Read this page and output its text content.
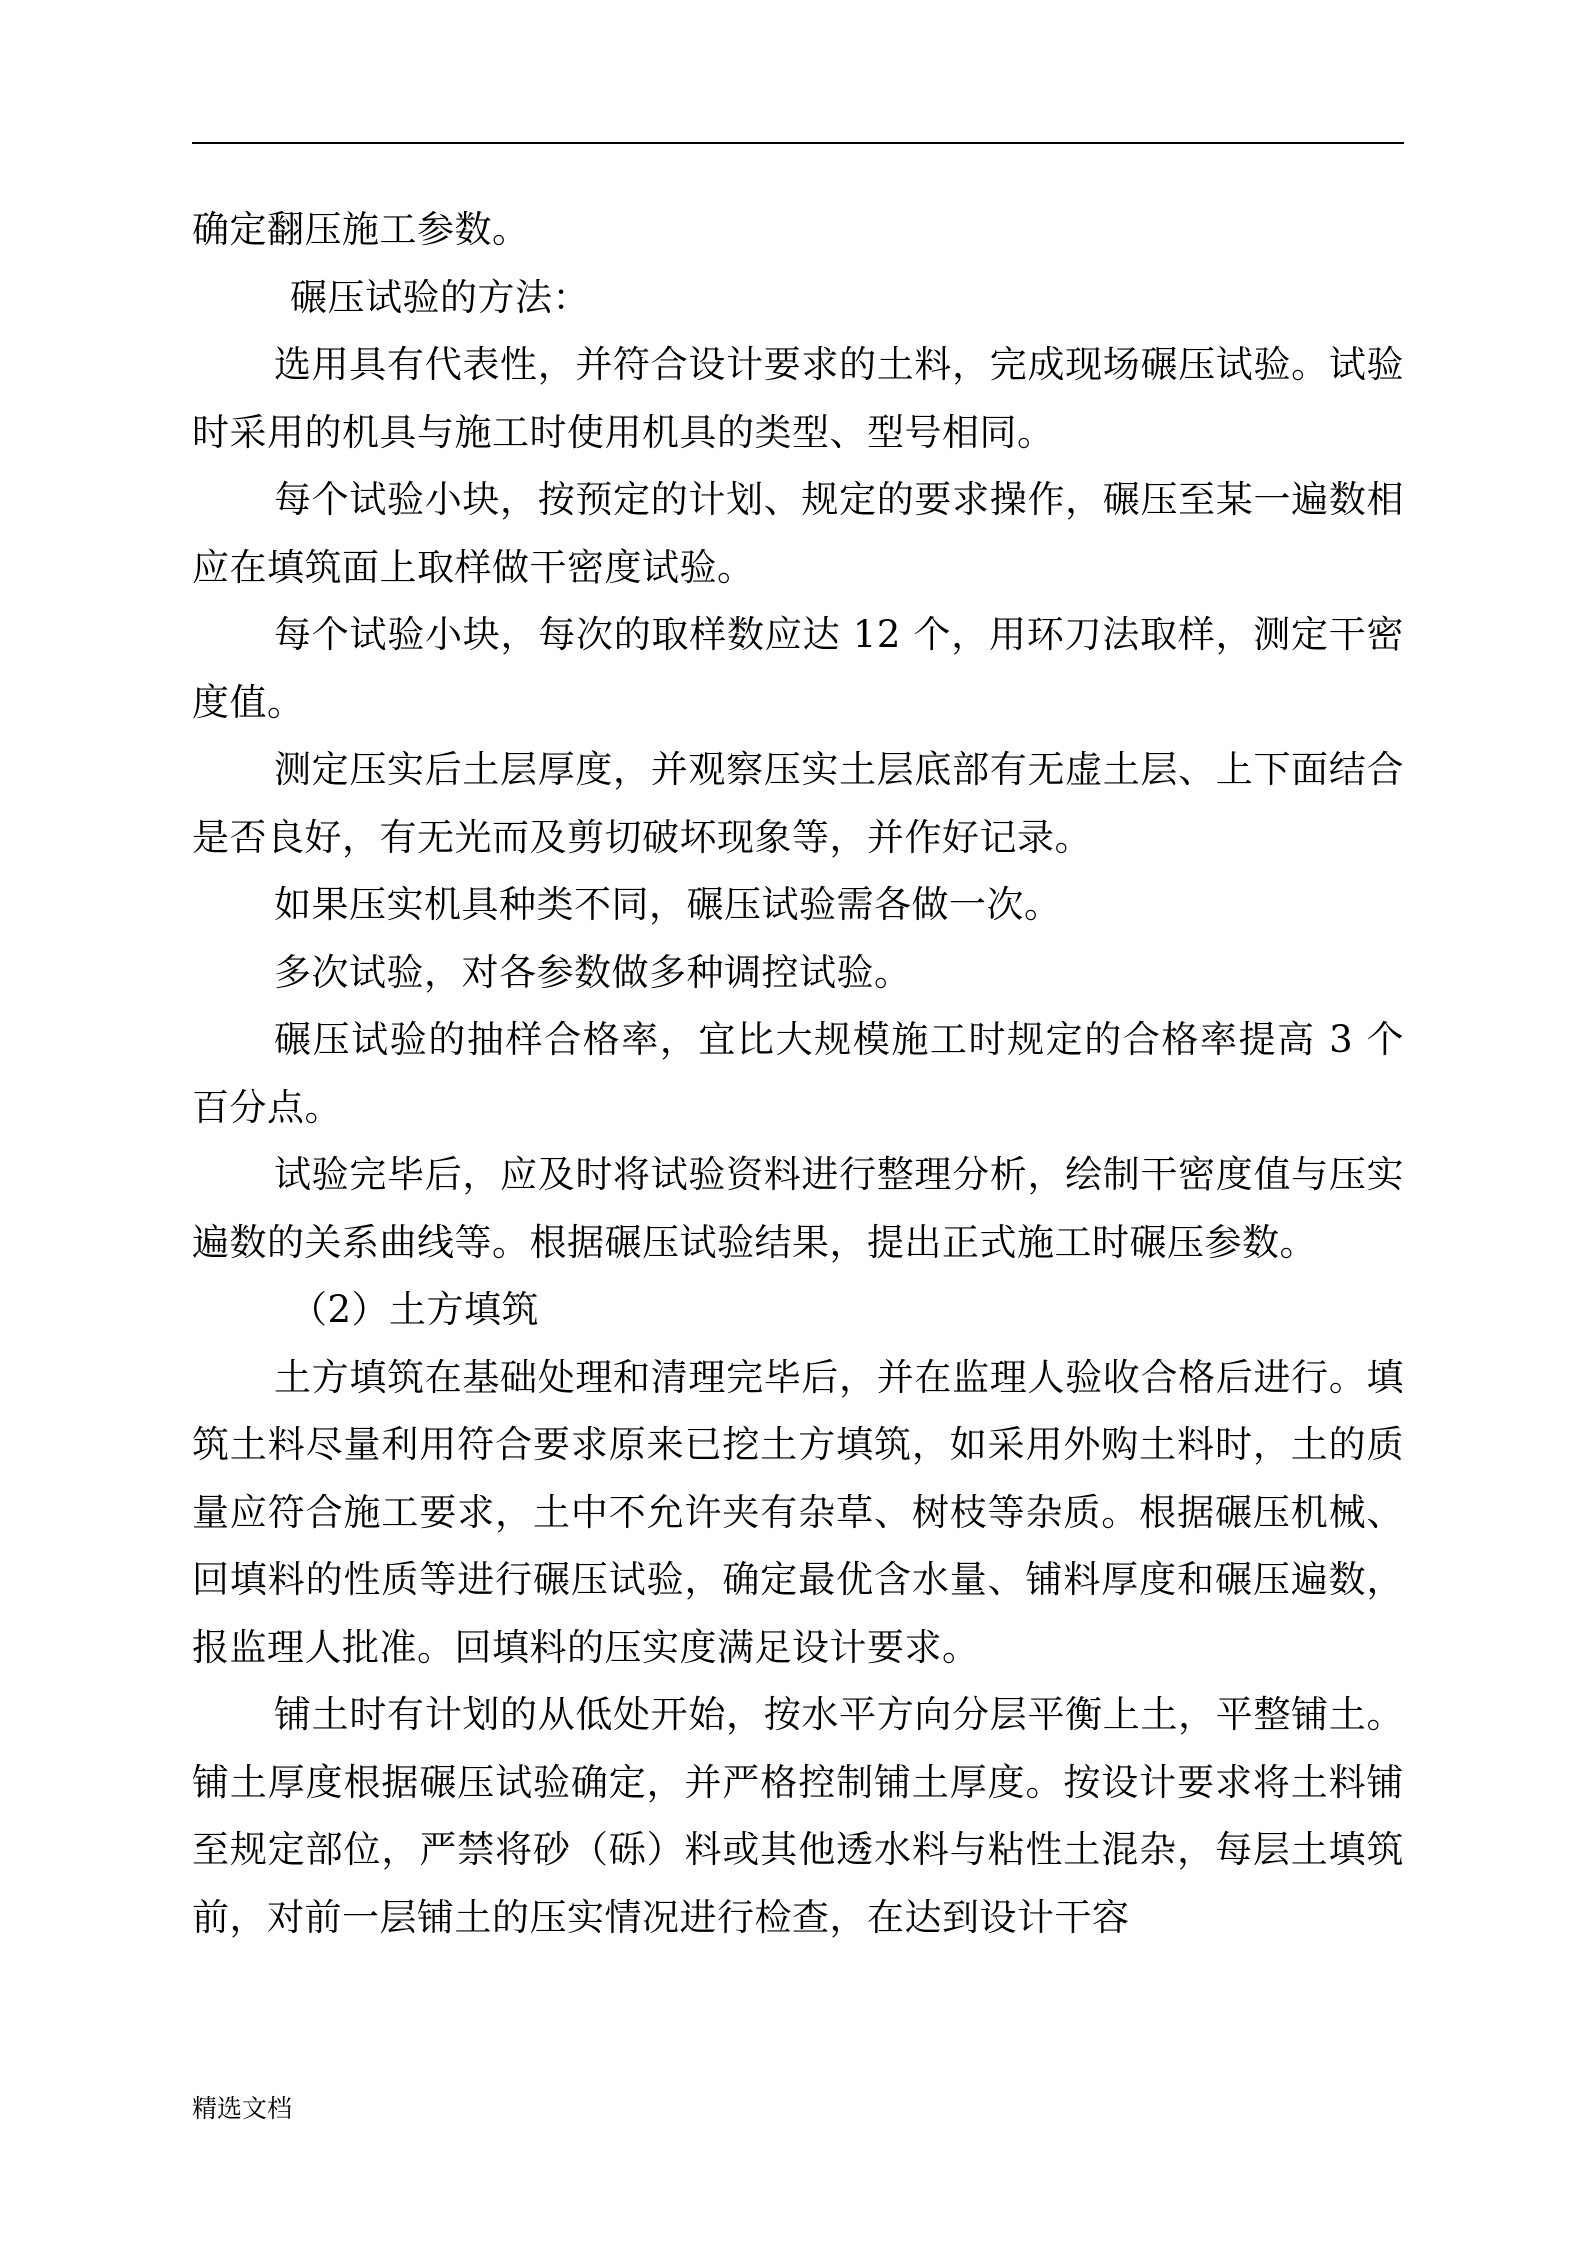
确定翻压施工参数。

碾压试验的方法：

选用具有代表性，并符合设计要求的土料，完成现场碾压试验。试验时采用的机具与施工时使用机具的类型、型号相同。

每个试验小块，按预定的计划、规定的要求操作，碾压至某一遍数相应在填筑面上取样做干密度试验。

每个试验小块，每次的取样数应达 12 个，用环刀法取样，测定干密度值。

测定压实后土层厚度，并观察压实土层底部有无虚土层、上下面结合是否良好，有无光而及剪切破坏现象等，并作好记录。

如果压实机具种类不同，碾压试验需各做一次。

多次试验，对各参数做多种调控试验。

碾压试验的抽样合格率，宜比大规模施工时规定的合格率提高 3 个百分点。

试验完毕后，应及时将试验资料进行整理分析，绘制干密度值与压实遍数的关系曲线等。根据碾压试验结果，提出正式施工时碾压参数。

（2）土方填筑

土方填筑在基础处理和清理完毕后，并在监理人验收合格后进行。填筑土料尽量利用符合要求原来已挖土方填筑，如采用外购土料时，土的质量应符合施工要求，土中不允许夹有杂草、树枝等杂质。根据碾压机械、回填料的性质等进行碾压试验，确定最优含水量、铺料厚度和碾压遍数，报监理人批准。回填料的压实度满足设计要求。

铺土时有计划的从低处开始，按水平方向分层平衡上土，平整铺土。铺土厚度根据碾压试验确定，并严格控制铺土厚度。按设计要求将土料铺至规定部位，严禁将砂（砾）料或其他透水料与粘性土混杂，每层土填筑前，对前一层铺土的压实情况进行检查，在达到设计干容

精选文档
